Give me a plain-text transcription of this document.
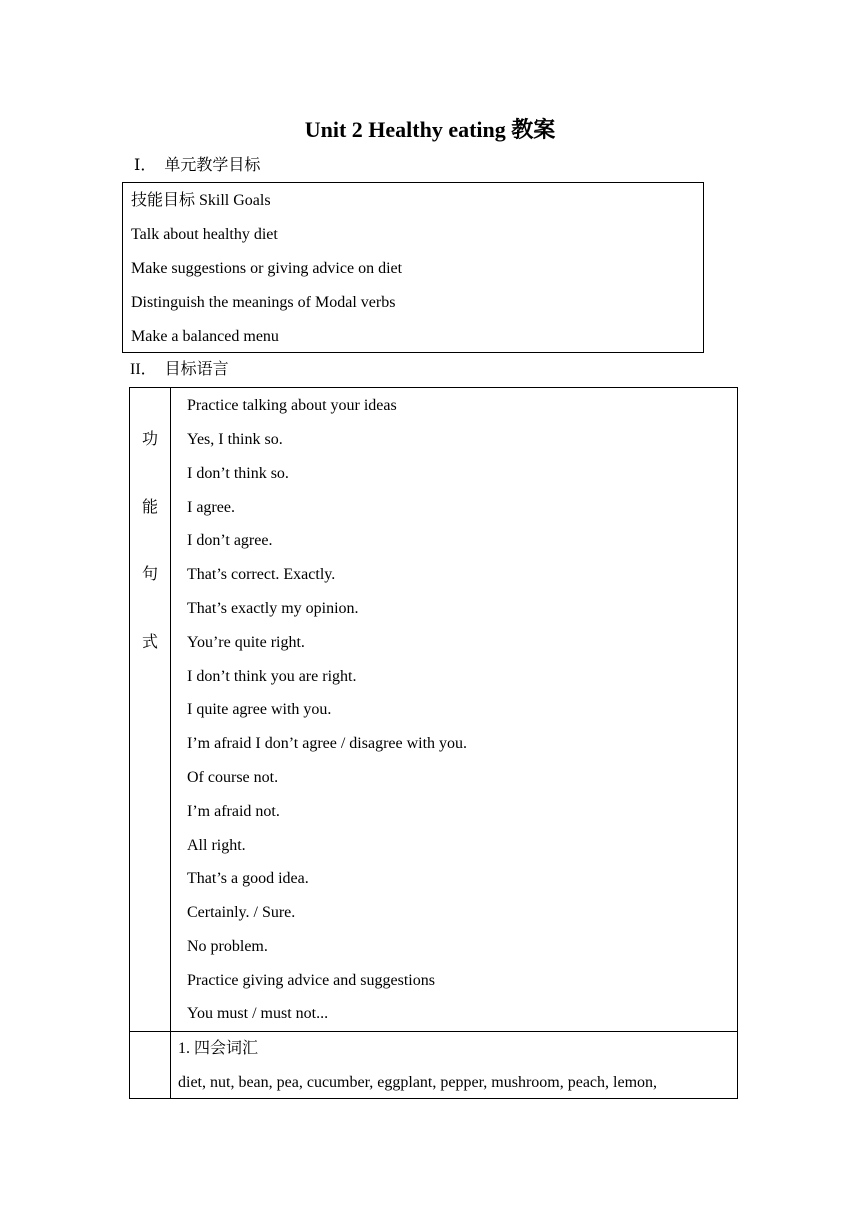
Unit 2 Healthy eating 教案
Ⅰ．  单元教学目标
技能目标 Skill Goals
Talk about healthy diet
Make suggestions or giving advice on diet
Distinguish the meanings of Modal verbs
Make a balanced menu
II．  目标语言
功
能
句
式
Practice talking about your ideas
Yes, I think so.
I don’t think so.
I agree.
I don’t agree.
That’s correct. Exactly.
That’s exactly my opinion.
You’re quite right.
I don’t think you are right.
I quite agree with you.
I’m afraid I don’t agree / disagree with you.
Of course not.
I’m afraid not.
All right.
That’s a good idea.
Certainly. / Sure.
No problem.
Practice giving advice and suggestions
You must / must not...
1. 四会词汇
diet, nut, bean, pea, cucumber, eggplant, pepper, mushroom, peach, lemon,
